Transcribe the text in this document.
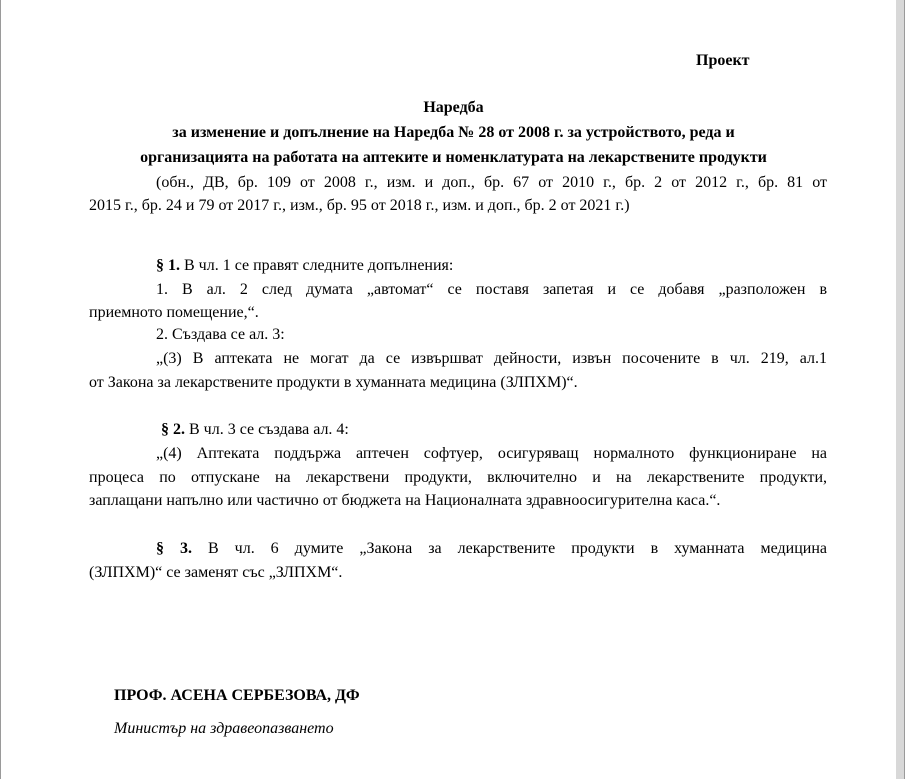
Проект
Наредба
за изменение и допълнение на Наредба № 28 от 2008 г. за устройството, реда и
организацията на работата на аптеките и номенклатурата на лекарствените продукти
(обн., ДВ, бр. 109 от 2008 г., изм. и доп., бр. 67 от 2010 г., бр. 2 от 2012 г., бр. 81 от
2015 г., бр. 24 и 79 от 2017 г., изм., бр. 95 от 2018 г., изм. и доп., бр. 2 от 2021 г.)
§ 1. В чл. 1 се правят следните допълнения:
1. В ал. 2 след думата „автомат“ се поставя запетая и се добавя „разположен в
приемното помещение,“.
2. Създава се ал. 3:
„(3) В аптеката не могат да се извършват дейности, извън посочените в чл. 219, ал.1
от Закона за лекарствените продукти в хуманната медицина (ЗЛПХМ)“.
§ 2. В чл. 3 се създава ал. 4:
„(4) Аптеката поддържа аптечен софтуер, осигуряващ нормалното функциониране на
процеса по отпускане на лекарствени продукти, включително и на лекарствените продукти,
заплащани напълно или частично от бюджета на Националната здравноосигурителна каса.“.
§ 3. В чл. 6 думите „Закона за лекарствените продукти в хуманната медицина
(ЗЛПХМ)“ се заменят със „ЗЛПХМ“.
ПРОФ. АСЕНА СЕРБЕЗОВА, ДФ
Министър на здравеопазването
